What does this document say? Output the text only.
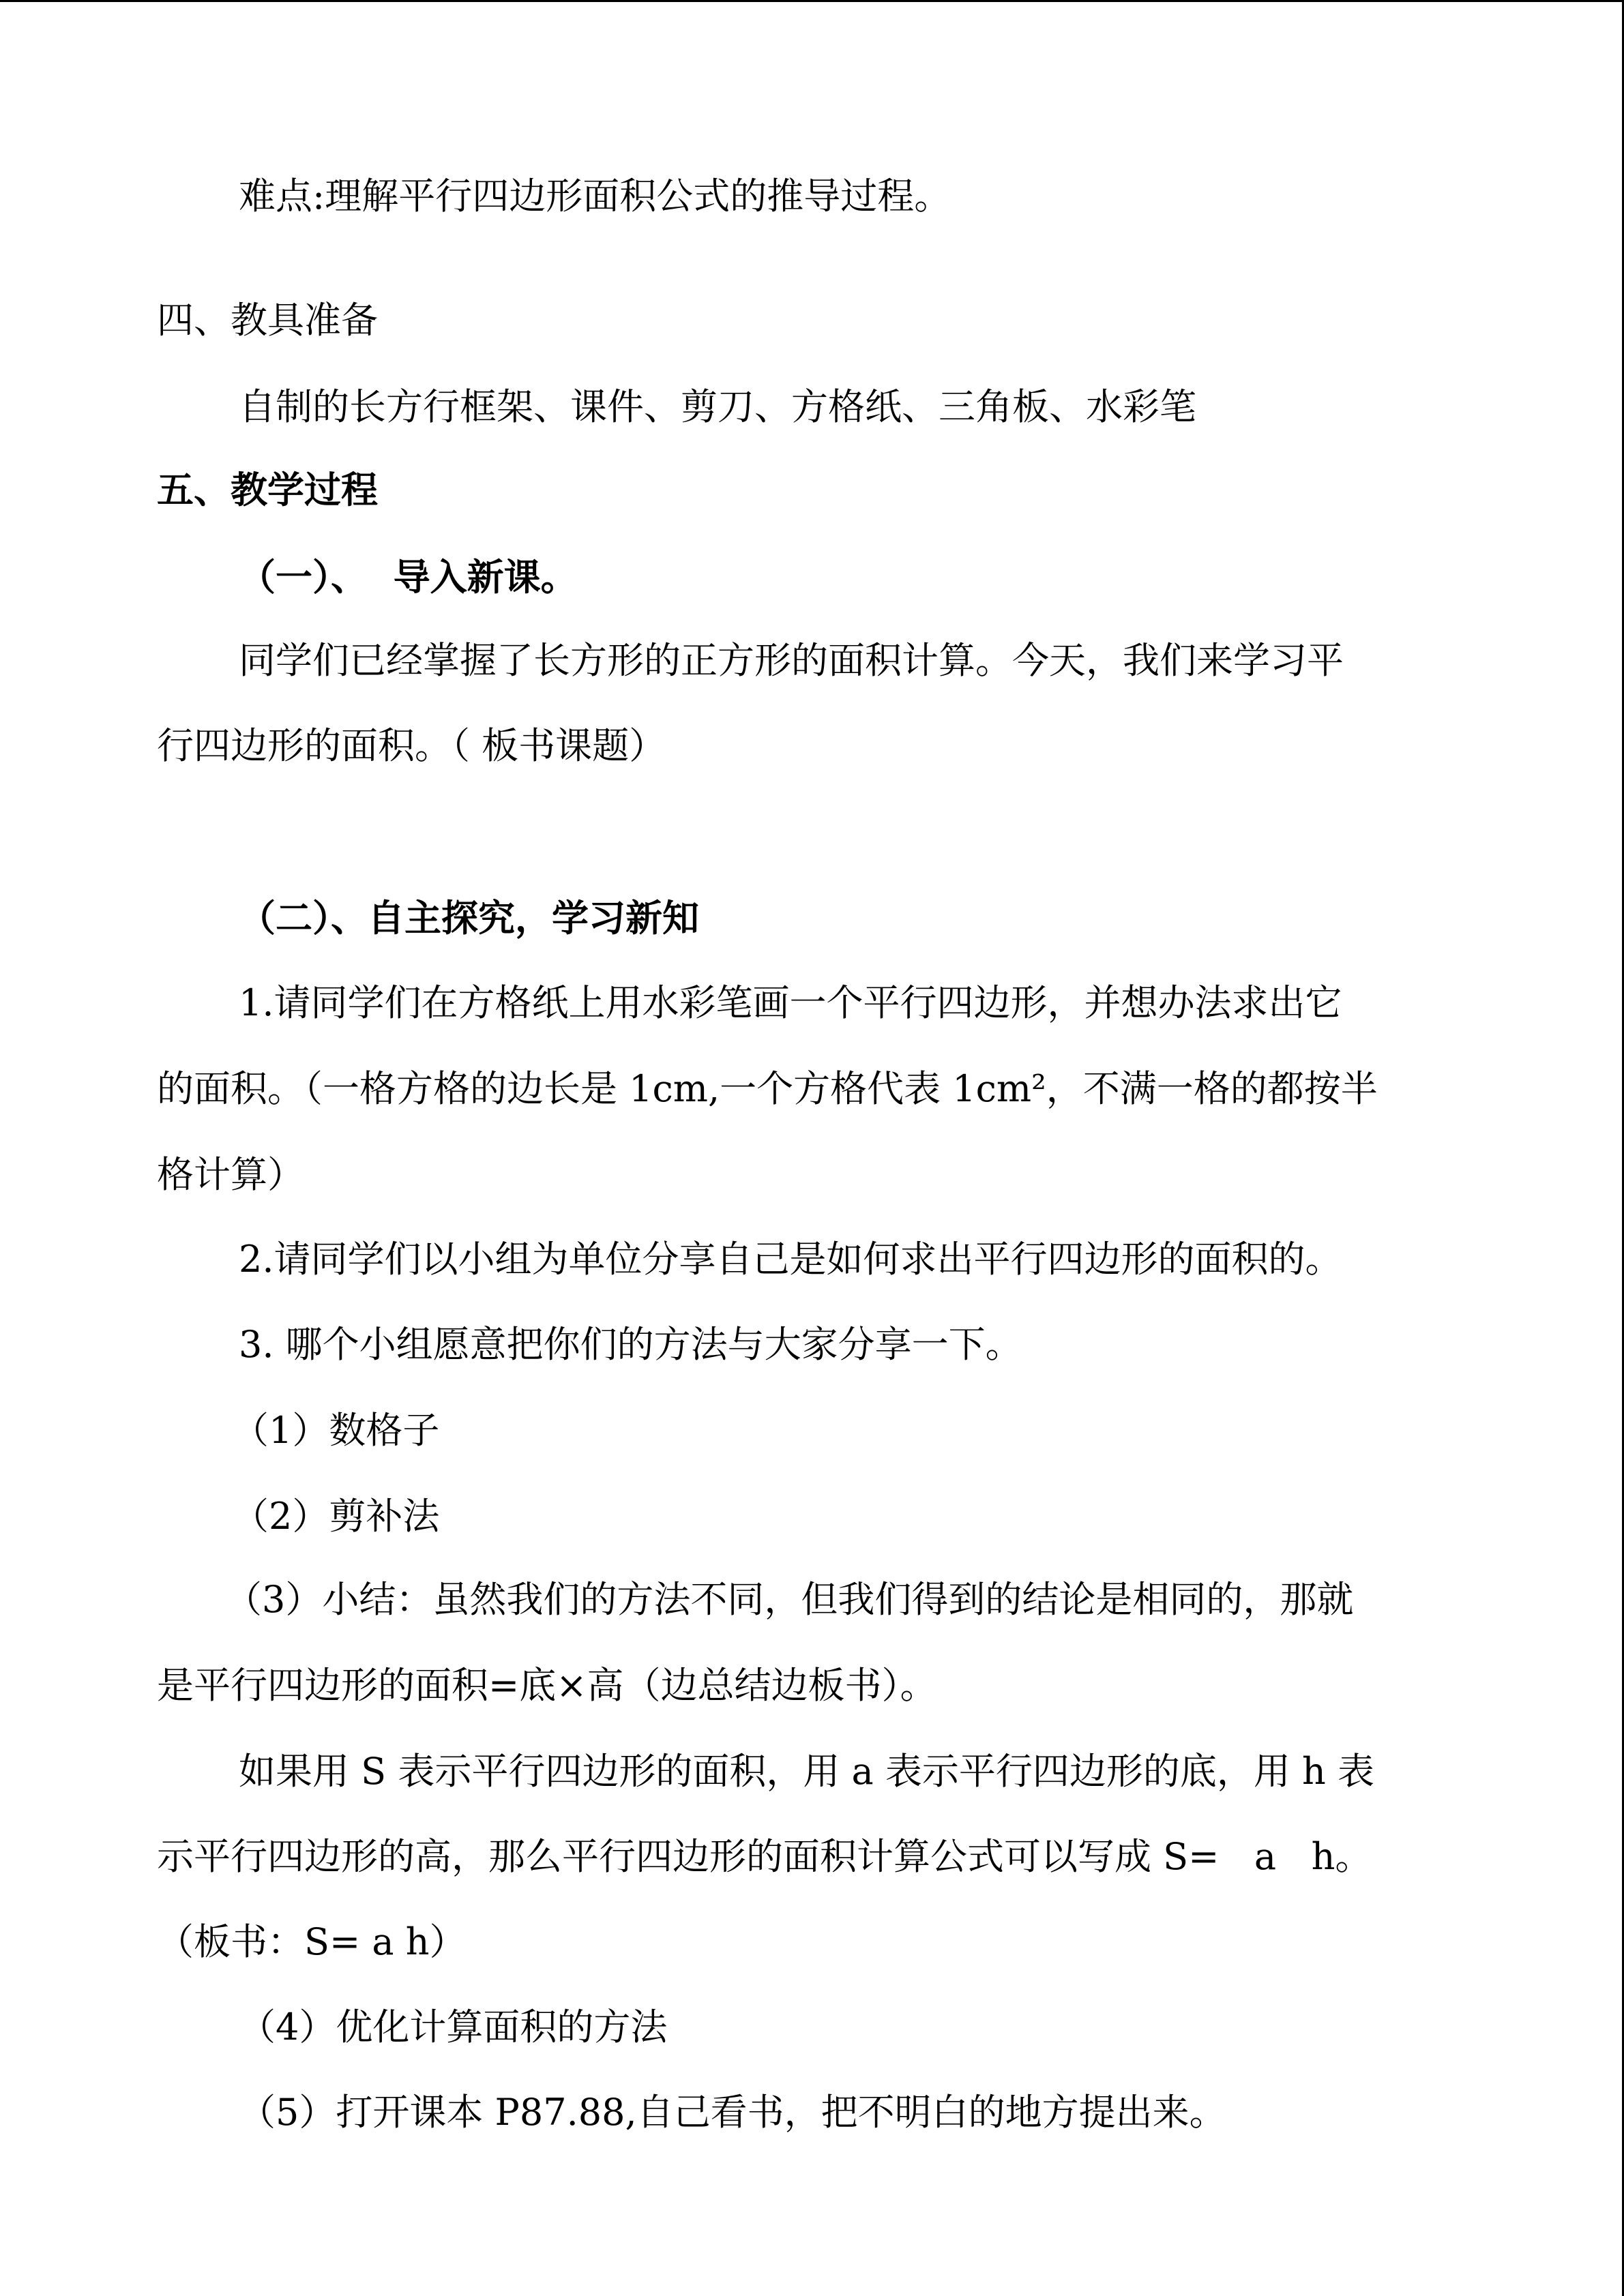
难点:理解平行四边形面积公式的推导过程。

四、教具准备

自制的长方行框架、课件、剪刀、方格纸、三角板、水彩笔

五、教学过程

（一）、  导入新课。

同学们已经掌握了长方形的正方形的面积计算。今天，我们来学习平

行四边形的面积。（ 板书课题）

（二）、自主探究，学习新知

1.请同学们在方格纸上用水彩笔画一个平行四边形，并想办法求出它

的面积。（一格方格的边长是 1cm,一个方格代表 1cm²，不满一格的都按半

格计算）

2.请同学们以小组为单位分享自己是如何求出平行四边形的面积的。

3. 哪个小组愿意把你们的方法与大家分享一下。

（1）数格子

（2）剪补法

（3）小结：虽然我们的方法不同，但我们得到的结论是相同的，那就

是平行四边形的面积=底×高（边总结边板书）。

如果用 S 表示平行四边形的面积，用 a 表示平行四边形的底，用 h 表

示平行四边形的高，那么平行四边形的面积计算公式可以写成 S=   a   h。

（板书：S= a h）

（4）优化计算面积的方法

（5）打开课本 P87.88,自己看书，把不明白的地方提出来。
